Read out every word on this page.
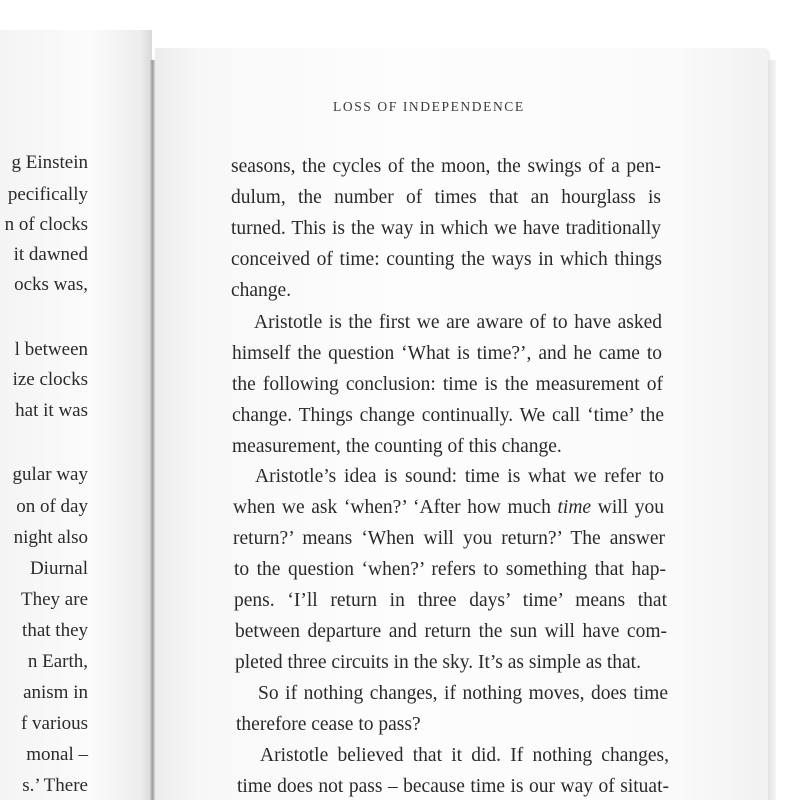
g Einstein
pecifically
n of clocks
it dawned
ocks was,
l between
ize clocks
hat it was
gular way
on of day
night also
Diurnal
They are
that they
n Earth,
anism in
f various
monal –
s.’ There
LOSS OF INDEPENDENCE
seasons, the cycles of the moon, the swings of a pen-
dulum, the number of times that an hourglass is
turned. This is the way in which we have traditionally
conceived of time: counting the ways in which things
change.
Aristotle is the first we are aware of to have asked
himself the question ‘What is time?’, and he came to
the following conclusion: time is the measurement of
change. Things change continually. We call ‘time’ the
measurement, the counting of this change.
Aristotle’s idea is sound: time is what we refer to
when we ask ‘when?’ ‘After how much time will you
return?’ means ‘When will you return?’ The answer
to the question ‘when?’ refers to something that hap-
pens. ‘I’ll return in three days’ time’ means that
between departure and return the sun will have com-
pleted three circuits in the sky. It’s as simple as that.
So if nothing changes, if nothing moves, does time
therefore cease to pass?
Aristotle believed that it did. If nothing changes,
time does not pass – because time is our way of situat-
